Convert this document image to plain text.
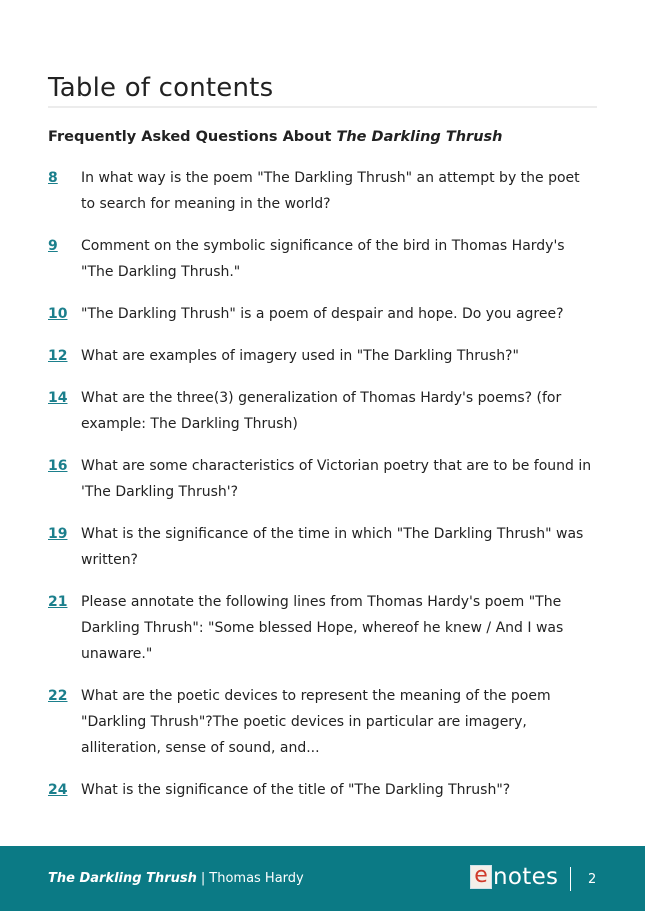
Table of contents
Frequently Asked Questions About The Darkling Thrush
8	In what way is the poem "The Darkling Thrush" an attempt by the poet to search for meaning in the world?
9	Comment on the symbolic significance of the bird in Thomas Hardy's "The Darkling Thrush."
10 "The Darkling Thrush" is a poem of despair and hope. Do you agree?
12 What are examples of imagery used in "The Darkling Thrush?"
14 What are the three(3) generalization of Thomas Hardy's poems? (for example: The Darkling Thrush)
16 What are some characteristics of Victorian poetry that are to be found in 'The Darkling Thrush'?
19 What is the significance of the time in which "The Darkling Thrush" was written?
21 Please annotate the following lines from Thomas Hardy's poem "The Darkling Thrush": "Some blessed Hope, whereof he knew / And I was unaware."
22 What are the poetic devices to represent the meaning of the poem "Darkling Thrush"?The poetic devices in particular are imagery, alliteration, sense of sound, and...
24 What is the significance of the title of "The Darkling Thrush"?
The Darkling Thrush | Thomas Hardy	e notes 2
